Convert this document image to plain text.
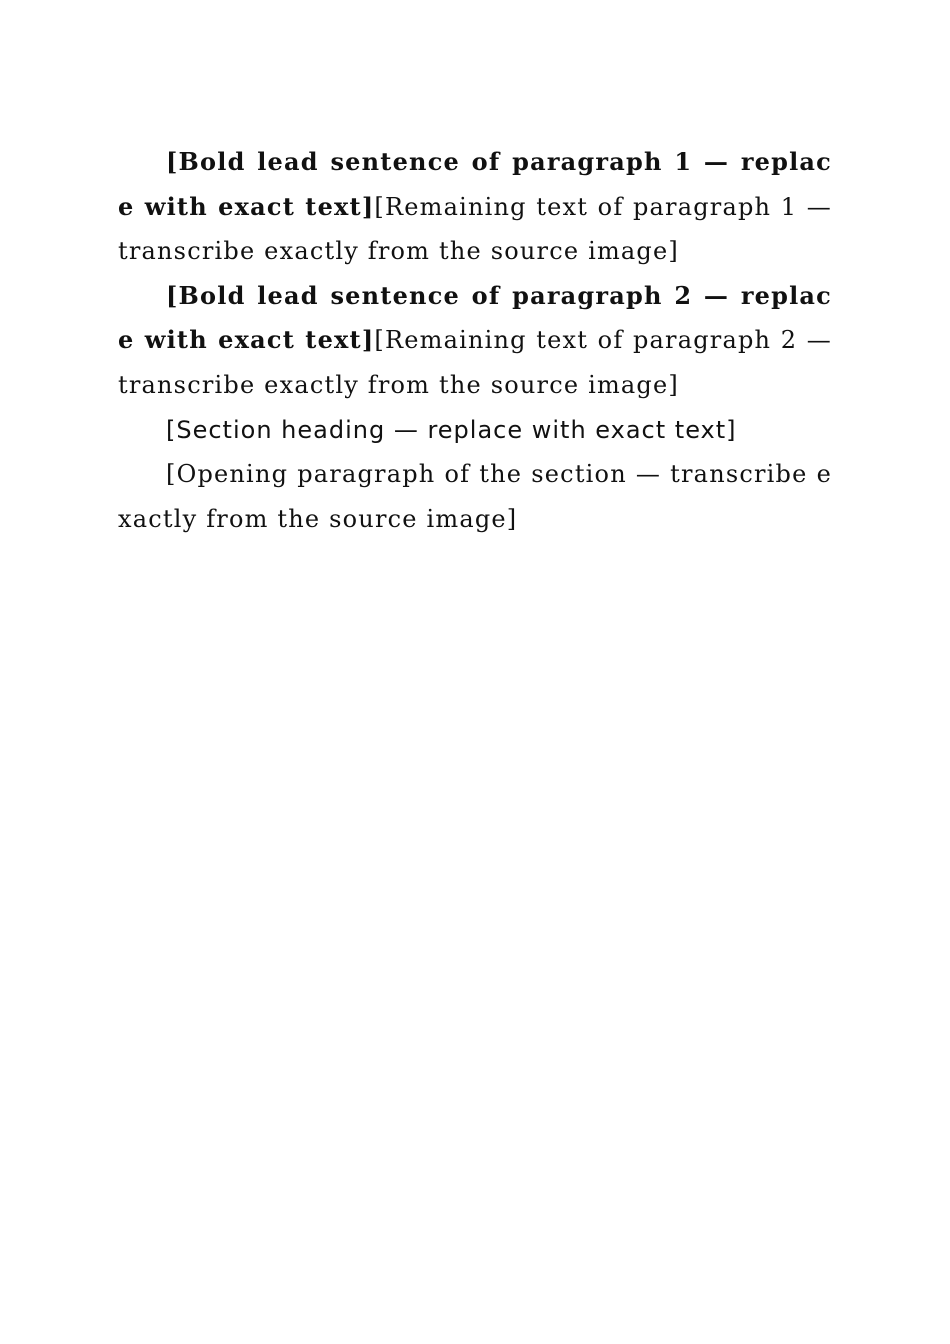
[Bold lead sentence of paragraph 1 — replace with exact text][Remaining text of paragraph 1 — transcribe exactly from the source image]

[Bold lead sentence of paragraph 2 — replace with exact text][Remaining text of paragraph 2 — transcribe exactly from the source image]

[Section heading — replace with exact text]

[Opening paragraph of the section — transcribe exactly from the source image]
